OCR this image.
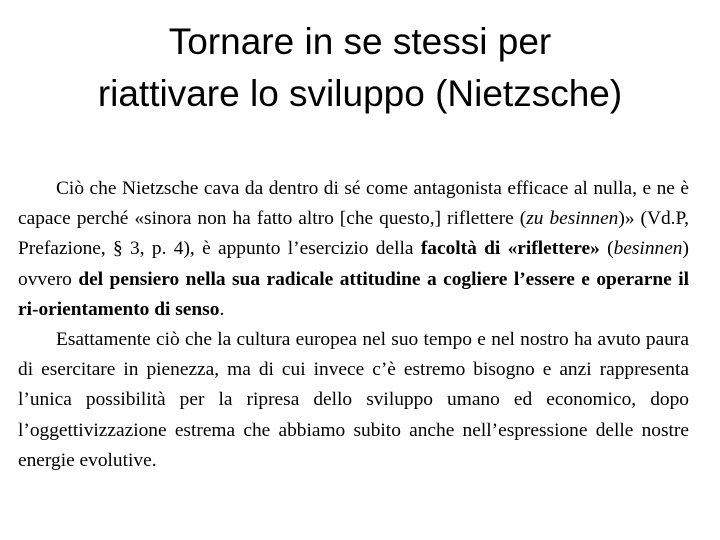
Tornare in se stessi per
riattivare lo sviluppo (Nietzsche)

Ciò che Nietzsche cava da dentro di sé come antagonista efficace al nulla, e ne è capace perché «sinora non ha fatto altro [che questo,] riflettere (zu besinnen)» (Vd.P, Prefazione, § 3, p. 4), è appunto l’esercizio della facoltà di «riflettere» (besinnen) ovvero del pensiero nella sua radicale attitudine a cogliere l’essere e operarne il ri-orientamento di senso.

Esattamente ciò che la cultura europea nel suo tempo e nel nostro ha avuto paura di esercitare in pienezza, ma di cui invece c’è estremo bisogno e anzi rappresenta l’unica possibilità per la ripresa dello sviluppo umano ed economico, dopo l’oggettivizzazione estrema che abbiamo subito anche nell’espressione delle nostre energie evolutive.
